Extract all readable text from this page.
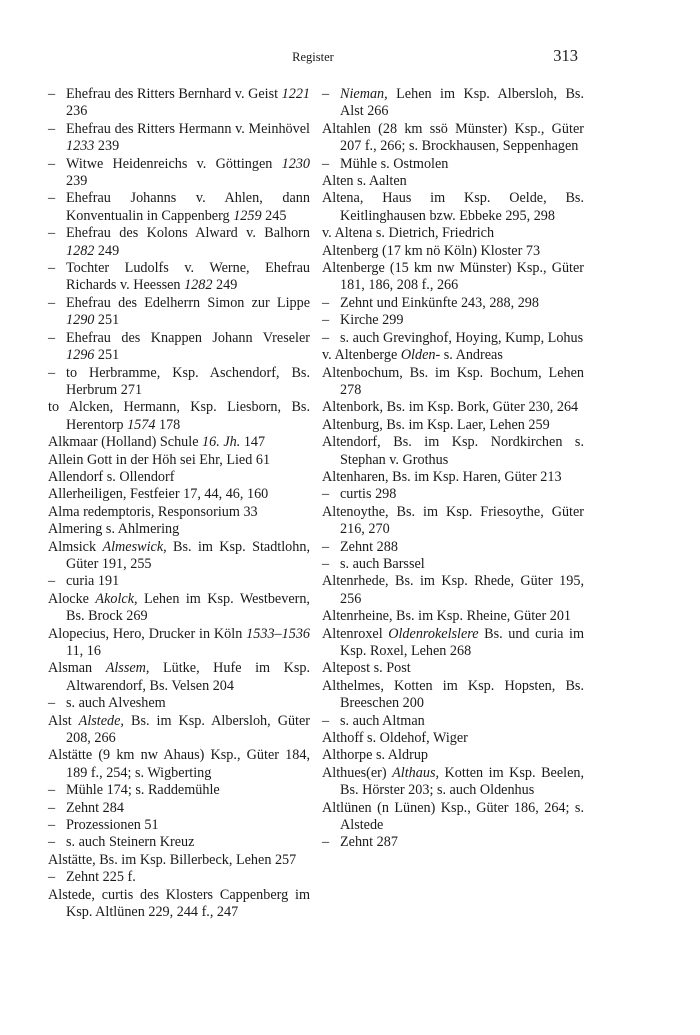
Register	313
– Ehefrau des Ritters Bernhard v. Geist 1221 236
– Ehefrau des Ritters Hermann v. Meinhövel 1233 239
– Witwe Heidenreichs v. Göttingen 1230 239
– Ehefrau Johanns v. Ahlen, dann Konventualin in Cappenberg 1259 245
– Ehefrau des Kolons Alward v. Balhorn 1282 249
– Tochter Ludolfs v. Werne, Ehefrau Richards v. Heessen 1282 249
– Ehefrau des Edelherrn Simon zur Lippe 1290 251
– Ehefrau des Knappen Johann Vreseler 1296 251
– to Herbramme, Ksp. Aschendorf, Bs. Herbrum 271
to Alcken, Hermann, Ksp. Liesborn, Bs. Herentorp 1574 178
Alkmaar (Holland) Schule 16. Jh. 147
Allein Gott in der Höh sei Ehr, Lied 61
Allendorf s. Ollendorf
Allerheiligen, Festfeier 17, 44, 46, 160
Alma redemptoris, Responsorium 33
Almering s. Ahlmering
Almsick Almeswick, Bs. im Ksp. Stadtlohn, Güter 191, 255
– curia 191
Alocke Akolck, Lehen im Ksp. Westbevern, Bs. Brock 269
Alopecius, Hero, Drucker in Köln 1533–1536 11, 16
Alsman Alssem, Lütke, Hufe im Ksp. Altwarendorf, Bs. Velsen 204
– s. auch Alveshem
Alst Alstede, Bs. im Ksp. Albersloh, Güter 208, 266
Alstätte (9 km nw Ahaus) Ksp., Güter 184, 189 f., 254; s. Wigberting
– Mühle 174; s. Raddemühle
– Zehnt 284
– Prozessionen 51
– s. auch Steinern Kreuz
Alstätte, Bs. im Ksp. Billerbeck, Lehen 257
– Zehnt 225 f.
Alstede, curtis des Klosters Cappenberg im Ksp. Altlünen 229, 244 f., 247
– Nieman, Lehen im Ksp. Albersloh, Bs. Alst 266
Altahlen (28 km ssö Münster) Ksp., Güter 207 f., 266; s. Brockhausen, Seppenhagen
– Mühle s. Ostmolen
Alten s. Aalten
Altena, Haus im Ksp. Oelde, Bs. Keitlinghausen bzw. Ebbeke 295, 298
v. Altena s. Dietrich, Friedrich
Altenberg (17 km nö Köln) Kloster 73
Altenberge (15 km nw Münster) Ksp., Güter 181, 186, 208 f., 266
– Zehnt und Einkünfte 243, 288, 298
– Kirche 299
– s. auch Grevinghof, Hoying, Kump, Lohus
v. Altenberge Olden- s. Andreas
Altenbochum, Bs. im Ksp. Bochum, Lehen 278
Altenbork, Bs. im Ksp. Bork, Güter 230, 264
Altenburg, Bs. im Ksp. Laer, Lehen 259
Altendorf, Bs. im Ksp. Nordkirchen s. Stephan v. Grothus
Altenharen, Bs. im Ksp. Haren, Güter 213
– curtis 298
Altenoythe, Bs. im Ksp. Friesoythe, Güter 216, 270
– Zehnt 288
– s. auch Barssel
Altenrhede, Bs. im Ksp. Rhede, Güter 195, 256
Altenrheine, Bs. im Ksp. Rheine, Güter 201
Altenroxel Oldenrokelslere Bs. und curia im Ksp. Roxel, Lehen 268
Altepost s. Post
Althelmes, Kotten im Ksp. Hopsten, Bs. Breeschen 200
– s. auch Altman
Althoff s. Oldehof, Wiger
Althorpe s. Aldrup
Althues(er) Althaus, Kotten im Ksp. Beelen, Bs. Hörster 203; s. auch Oldenhus
Altlünen (n Lünen) Ksp., Güter 186, 264; s. Alstede
– Zehnt 287
